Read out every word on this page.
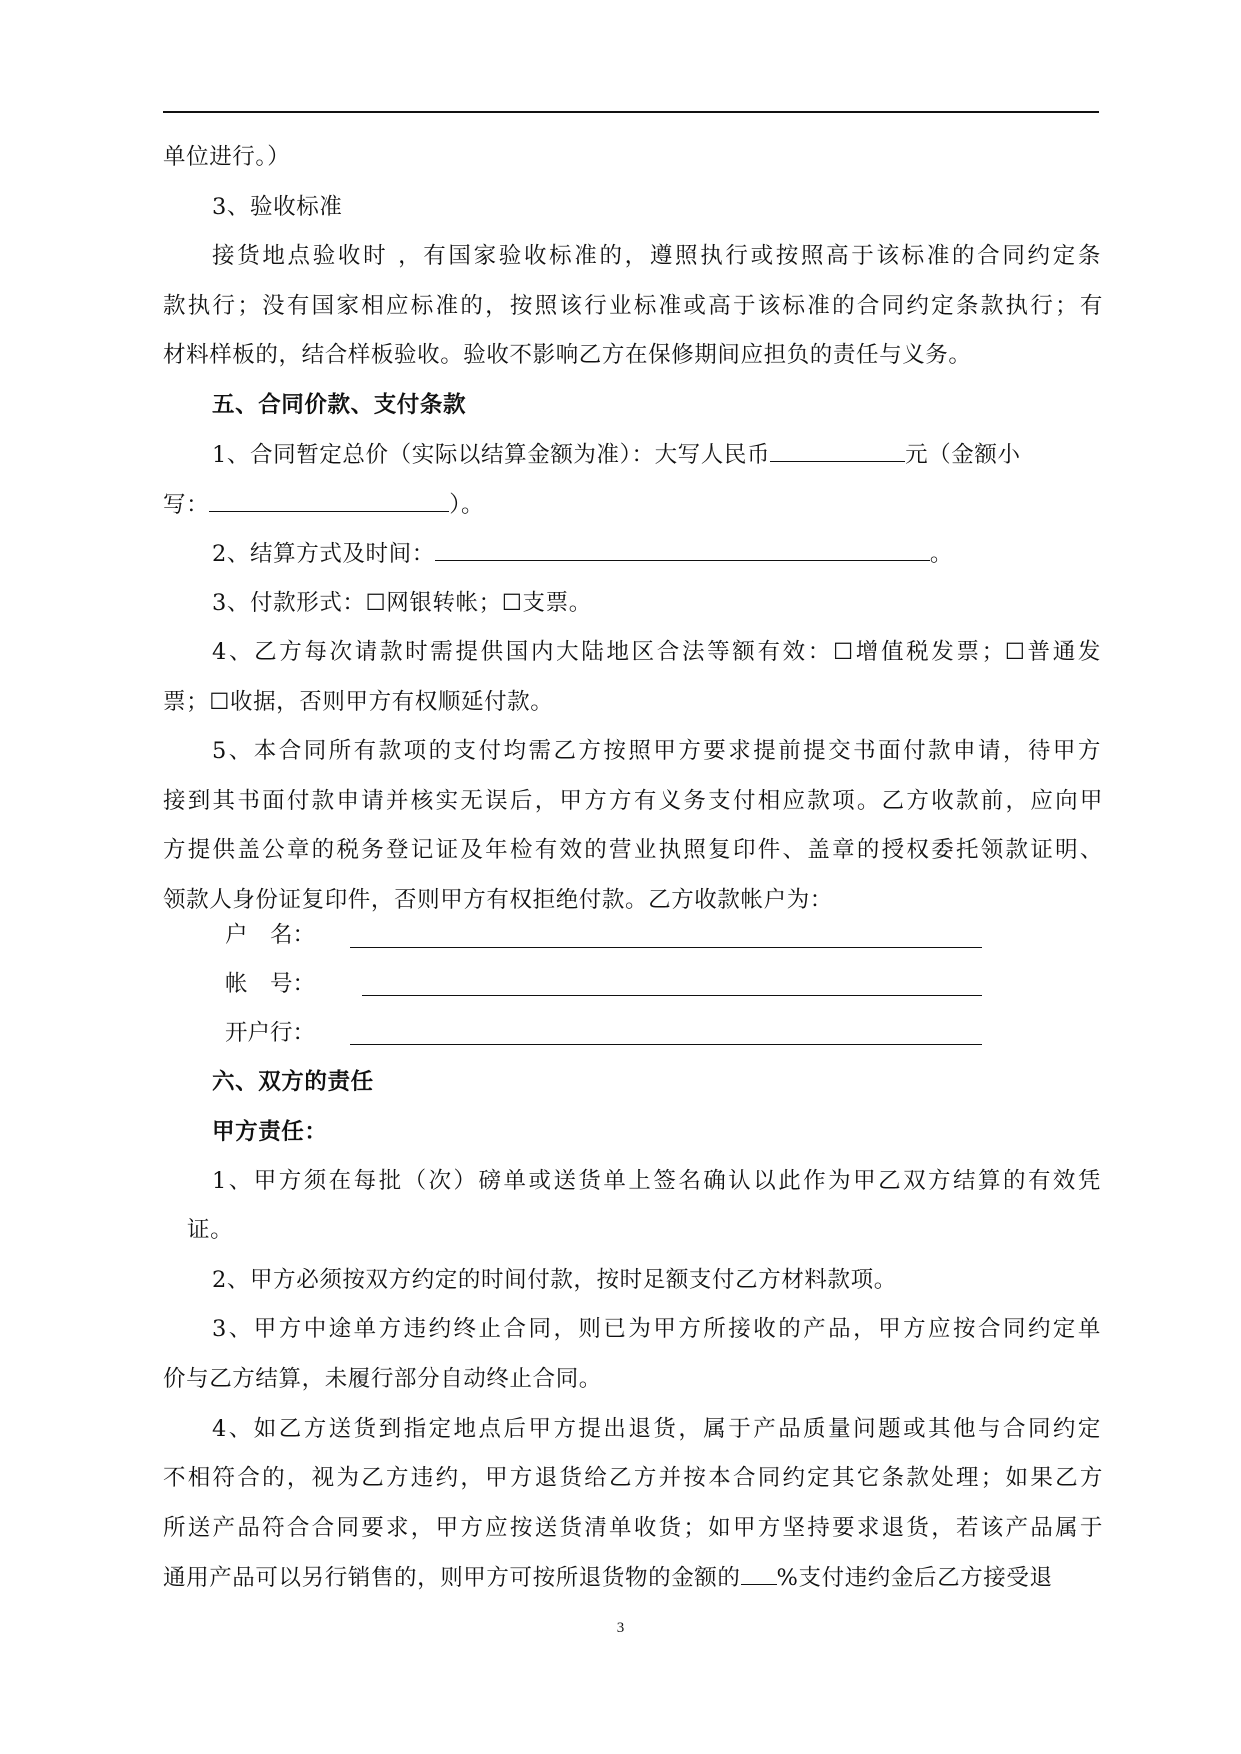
单位进行。）
3、验收标准
接货地点验收时 ，有国家验收标准的，遵照执行或按照高于该标准的合同约定条
款执行；没有国家相应标准的，按照该行业标准或高于该标准的合同约定条款执行；有
材料样板的，结合样板验收。验收不影响乙方在保修期间应担负的责任与义务。
五、合同价款、支付条款
1、合同暂定总价（实际以结算金额为准）：大写人民币	元（金额小
写：	）。
2、结算方式及时间：	。
3、付款形式：☐网银转帐；☐支票。
4、乙方每次请款时需提供国内大陆地区合法等额有效：☐增值税发票；☐普通发
票；☐收据，否则甲方有权顺延付款。
5、本合同所有款项的支付均需乙方按照甲方要求提前提交书面付款申请，待甲方
接到其书面付款申请并核实无误后，甲方方有义务支付相应款项。乙方收款前，应向甲
方提供盖公章的税务登记证及年检有效的营业执照复印件、盖章的授权委托领款证明、
领款人身份证复印件，否则甲方有权拒绝付款。乙方收款帐户为：
户　名：
帐　号：
开户行：
六、双方的责任
甲方责任：
1、甲方须在每批（次）磅单或送货单上签名确认以此作为甲乙双方结算的有效凭
证。
2、甲方必须按双方约定的时间付款，按时足额支付乙方材料款项。
3、甲方中途单方违约终止合同，则已为甲方所接收的产品，甲方应按合同约定单
价与乙方结算，未履行部分自动终止合同。
4、如乙方送货到指定地点后甲方提出退货，属于产品质量问题或其他与合同约定
不相符合的，视为乙方违约，甲方退货给乙方并按本合同约定其它条款处理；如果乙方
所送产品符合合同要求，甲方应按送货清单收货；如甲方坚持要求退货，若该产品属于
通用产品可以另行销售的，则甲方可按所退货物的金额的 %支付违约金后乙方接受退
3
